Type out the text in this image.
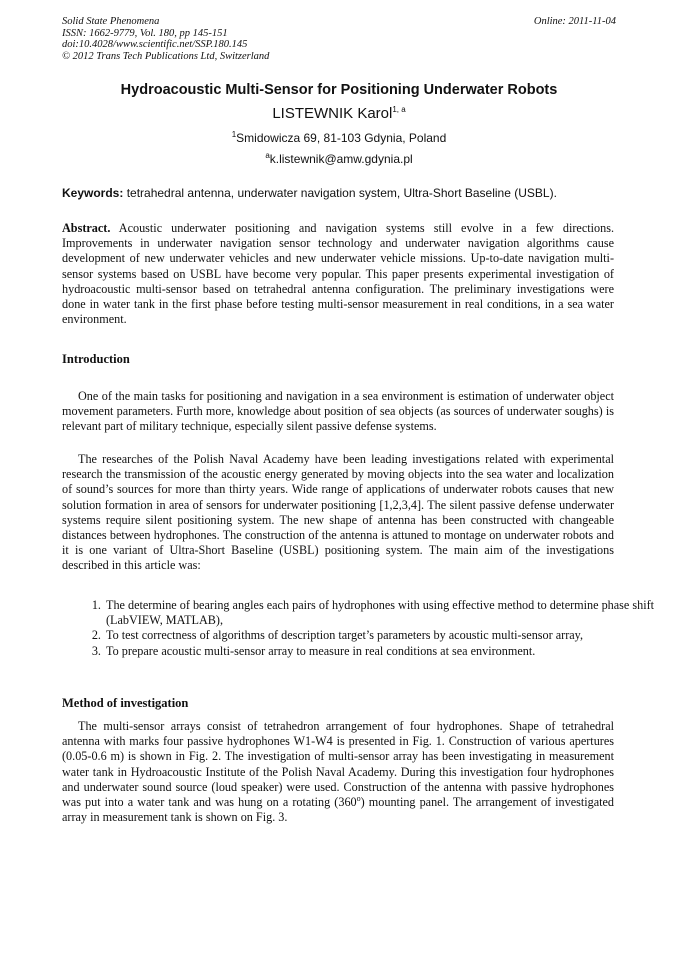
Solid State Phenomena
ISSN: 1662-9779, Vol. 180, pp 145-151
doi:10.4028/www.scientific.net/SSP.180.145
© 2012 Trans Tech Publications Ltd, Switzerland
Online: 2011-11-04
Hydroacoustic Multi-Sensor for Positioning Underwater Robots
LISTEWNIK Karol$^{1, a}$
$^1$Smidowicza 69, 81-103 Gdynia, Poland
$^a$k.listewnik@amw.gdynia.pl
Keywords: tetrahedral antenna, underwater navigation system, Ultra-Short Baseline (USBL).

Abstract. Acoustic underwater positioning and navigation systems still evolve in a few directions. Improvements in underwater navigation sensor technology and underwater navigation algorithms cause development of new underwater vehicles and new underwater vehicle missions. Up-to-date navigation multi-sensor systems based on USBL have become very popular. This paper presents experimental investigation of hydroacoustic multi-sensor based on tetrahedral antenna configuration. The preliminary investigations were done in water tank in the first phase before testing multi-sensor measurement in real conditions, in a sea water environment.

Introduction

One of the main tasks for positioning and navigation in a sea environment is estimation of underwater object movement parameters. Furth more, knowledge about position of sea objects (as sources of underwater soughs) is relevant part of military technique, especially silent passive defense systems.

The researches of the Polish Naval Academy have been leading investigations related with experimental research the transmission of the acoustic energy generated by moving objects into the sea water and localization of sound’s sources for more than thirty years. Wide range of applications of underwater robots causes that new solution formation in area of sensors for underwater positioning [1,2,3,4]. The silent passive defense underwater systems require silent positioning system. The new shape of antenna has been constructed with changeable distances between hydrophones. The construction of the antenna is attuned to montage on underwater robots and it is one variant of Ultra-Short Baseline (USBL) positioning system. The main aim of the investigations described in this article was:

1. The determine of bearing angles each pairs of hydrophones with using effective method to determine phase shift (LabVIEW, MATLAB),
2. To test correctness of algorithms of description target’s parameters by acoustic multi-sensor array,
3. To prepare acoustic multi-sensor array to measure in real conditions at sea environment.
Method of investigation

The multi-sensor arrays consist of tetrahedron arrangement of four hydrophones. Shape of tetrahedral antenna with marks four passive hydrophones W1-W4 is presented in Fig. 1. Construction of various apertures (0.05-0.6 m) is shown in Fig. 2. The investigation of multi-sensor array has been investigating in measurement water tank in Hydroacoustic Institute of the Polish Naval Academy. During this investigation four hydrophones and underwater sound source (loud speaker) were used. Construction of the antenna with passive hydrophones was put into a water tank and was hung on a rotating (360$^o$) mounting panel. The arrangement of investigated array in measurement tank is shown on Fig. 3.
